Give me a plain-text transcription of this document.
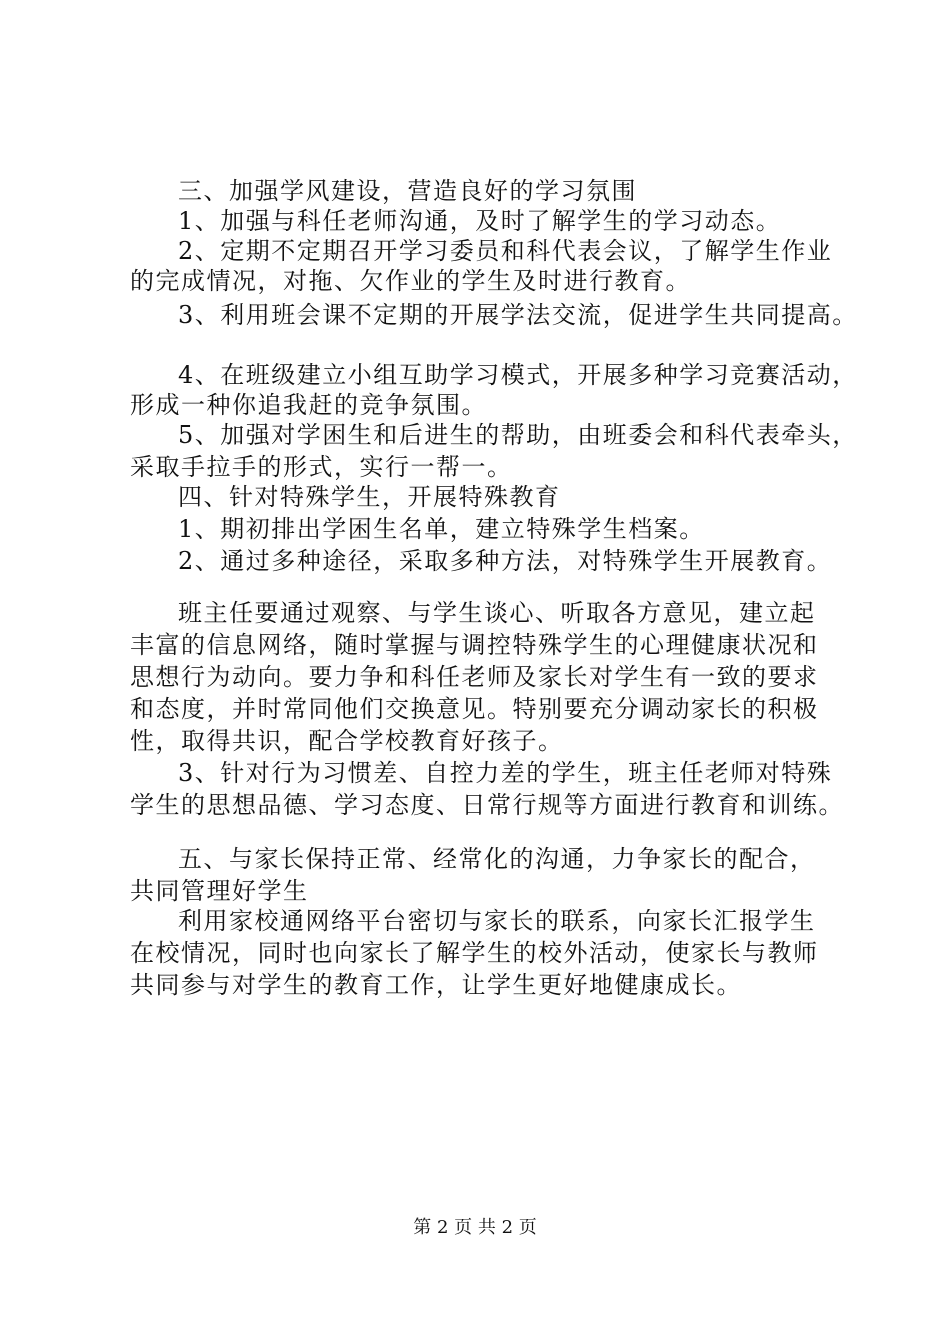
三、加强学风建设，营造良好的学习氛围
1、加强与科任老师沟通，及时了解学生的学习动态。
2、定期不定期召开学习委员和科代表会议，了解学生作业
的完成情况，对拖、欠作业的学生及时进行教育。
3、利用班会课不定期的开展学法交流，促进学生共同提高。
4、在班级建立小组互助学习模式，开展多种学习竞赛活动，
形成一种你追我赶的竞争氛围。
5、加强对学困生和后进生的帮助，由班委会和科代表牵头，
采取手拉手的形式，实行一帮一。
四、针对特殊学生，开展特殊教育
1、期初排出学困生名单，建立特殊学生档案。
2、通过多种途径，采取多种方法，对特殊学生开展教育。
班主任要通过观察、与学生谈心、听取各方意见，建立起
丰富的信息网络，随时掌握与调控特殊学生的心理健康状况和
思想行为动向。要力争和科任老师及家长对学生有一致的要求
和态度，并时常同他们交换意见。特别要充分调动家长的积极
性，取得共识，配合学校教育好孩子。
3、针对行为习惯差、自控力差的学生，班主任老师对特殊
学生的思想品德、学习态度、日常行规等方面进行教育和训练。
五、与家长保持正常、经常化的沟通，力争家长的配合，
共同管理好学生
利用家校通网络平台密切与家长的联系，向家长汇报学生
在校情况，同时也向家长了解学生的校外活动，使家长与教师
共同参与对学生的教育工作，让学生更好地健康成长。
第 2 页 共 2 页
